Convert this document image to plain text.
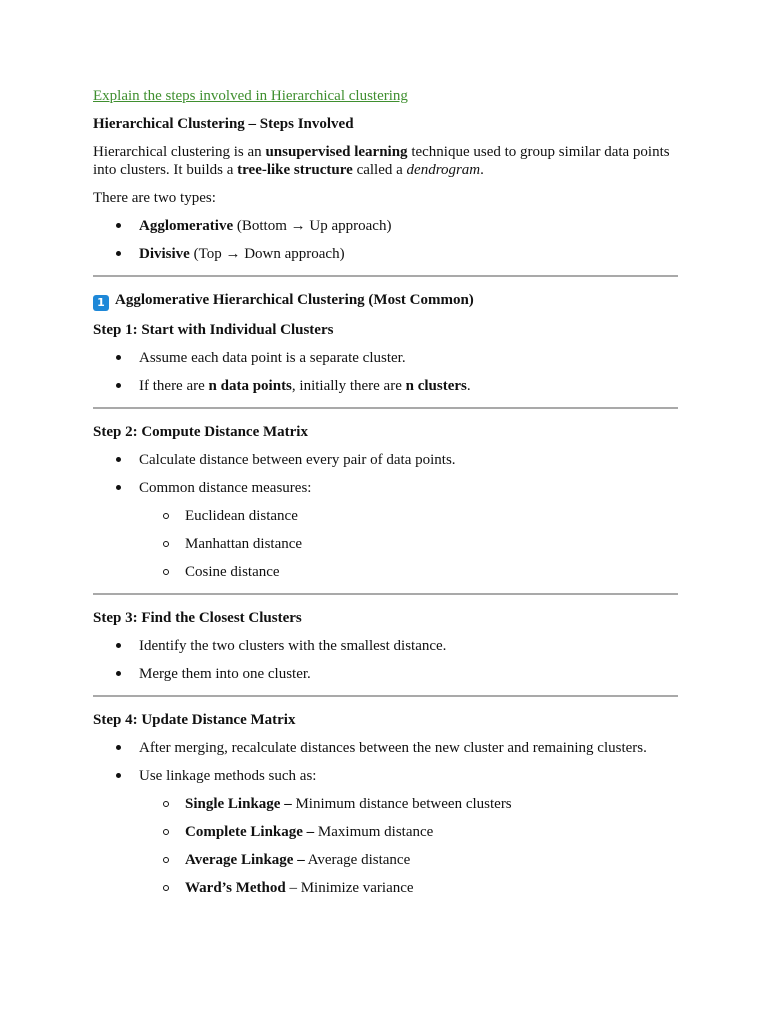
Explain the steps involved in Hierarchical clustering
Hierarchical Clustering – Steps Involved

Hierarchical clustering is an unsupervised learning technique used to group similar data points into clusters. It builds a tree-like structure called a dendrogram.

There are two types:

Agglomerative (Bottom → Up approach)
Divisive (Top → Down approach)
1 Agglomerative Hierarchical Clustering (Most Common)
Step 1: Start with Individual Clusters
Assume each data point is a separate cluster.
If there are n data points, initially there are n clusters.
Step 2: Compute Distance Matrix
Calculate distance between every pair of data points.
Common distance measures:
Euclidean distance
Manhattan distance
Cosine distance
Step 3: Find the Closest Clusters
Identify the two clusters with the smallest distance.
Merge them into one cluster.
Step 4: Update Distance Matrix
After merging, recalculate distances between the new cluster and remaining clusters.
Use linkage methods such as:
Single Linkage – Minimum distance between clusters
Complete Linkage – Maximum distance
Average Linkage – Average distance
Ward’s Method – Minimize variance
